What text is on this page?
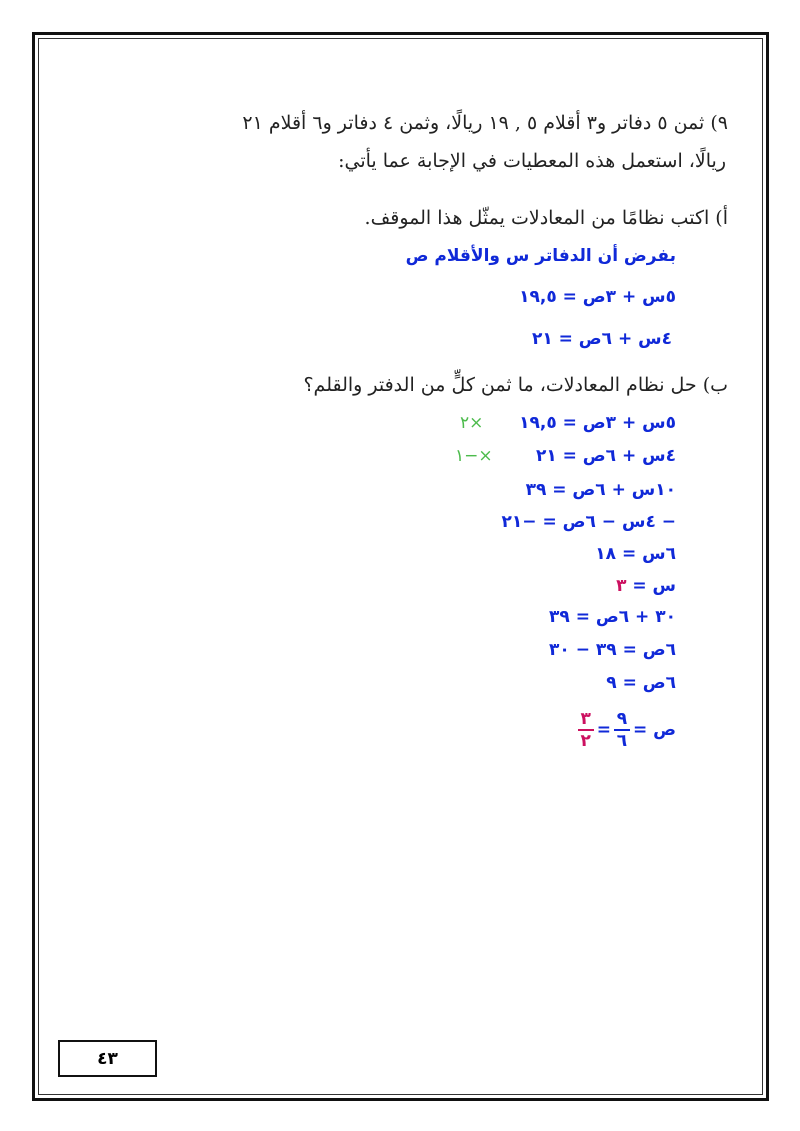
٩) ثمن ٥ دفاتر و٣ أقلام ٥ , ١٩ ريالًا، وثمن ٤ دفاتر و٦ أقلام ٢١
ريالًا، استعمل هذه المعطيات في الإجابة عما يأتي:
أ) اكتب نظامًا من المعادلات يمثّل هذا الموقف.
بفرض أن الدفاتر س والأقلام ص
٥س + ٣ص = ١٩,٥
٤س + ٦ص = ٢١
ب) حل نظام المعادلات، ما ثمن كلٍّ من الدفتر والقلم؟
٥س + ٣ص = ١٩,٥
×٢
٤س + ٦ص = ٢١
×−١
١٠س + ٦ص = ٣٩
− ٤س − ٦ص = −٢١
٦س = ١٨
س = ٣
٣٠ + ٦ص = ٣٩
٦ص = ٣٩ − ٣٠
٦ص = ٩
ص =
٩
٦
=
٣
٢
٤٣
